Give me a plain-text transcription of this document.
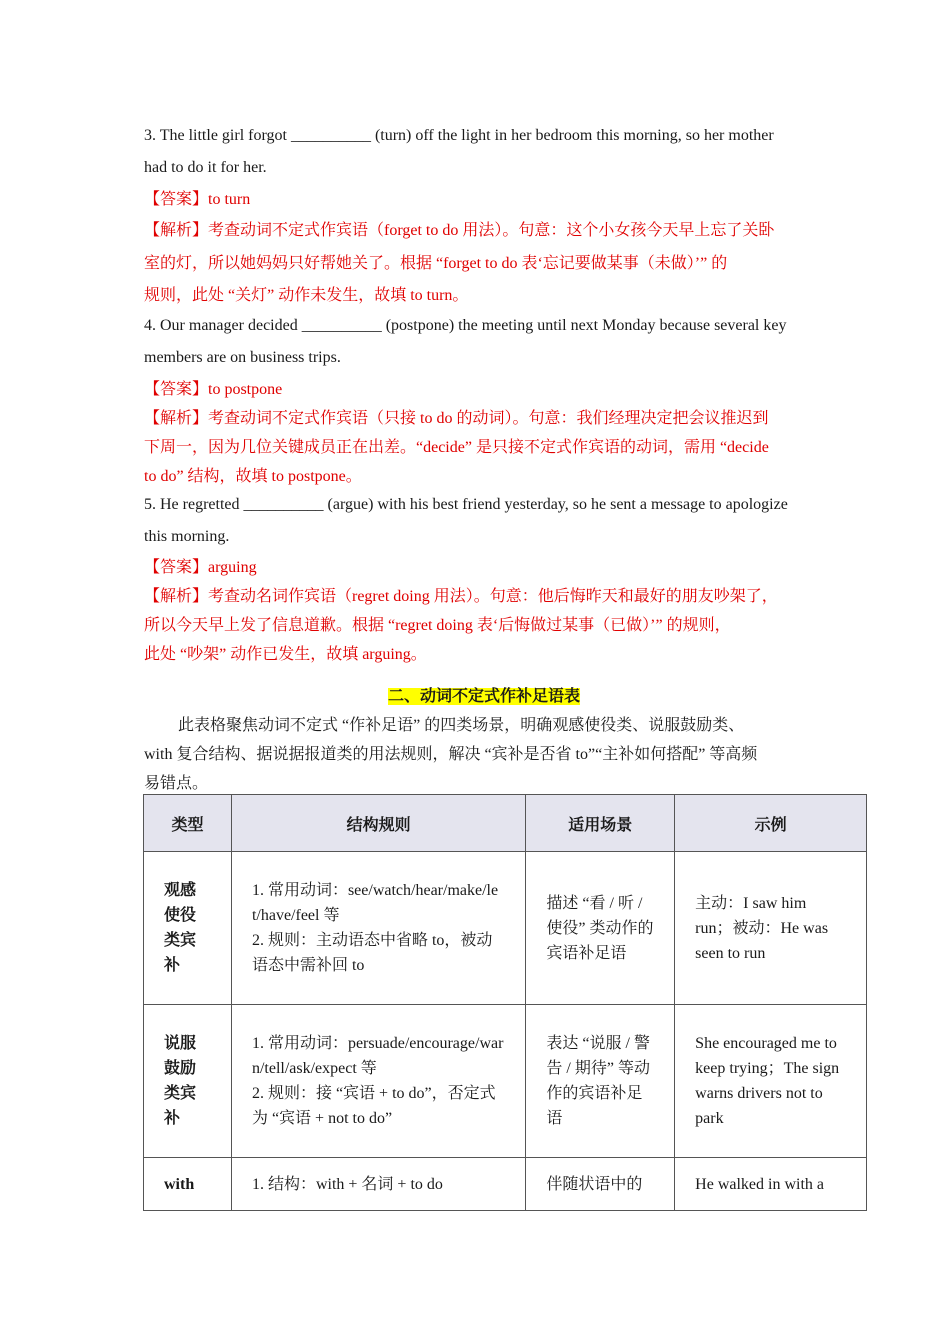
3. The little girl forgot __________ (turn) off the light in her bedroom this morning, so her mother

had to do it for her.

【答案】to turn

【解析】考查动词不定式作宾语（forget to do 用法）。句意：这个小女孩今天早上忘了关卧

室的灯，所以她妈妈只好帮她关了。根据 “forget to do 表‘忘记要做某事（未做）’” 的

规则，此处 “关灯” 动作未发生，故填 to turn。

4. Our manager decided __________ (postpone) the meeting until next Monday because several key

members are on business trips.

【答案】to postpone

【解析】考查动词不定式作宾语（只接 to do 的动词）。句意：我们经理决定把会议推迟到

下周一，因为几位关键成员正在出差。“decide” 是只接不定式作宾语的动词，需用 “decide

to do” 结构，故填 to postpone。

5. He regretted __________ (argue) with his best friend yesterday, so he sent a message to apologize

this morning.

【答案】arguing

【解析】考查动名词作宾语（regret doing 用法）。句意：他后悔昨天和最好的朋友吵架了，

所以今天早上发了信息道歉。根据 “regret doing 表‘后悔做过某事（已做）’” 的规则，

此处 “吵架” 动作已发生，故填 arguing。

二、动词不定式作补足语表

此表格聚焦动词不定式 “作补足语” 的四类场景，明确观感使役类、说服鼓励类、

with 复合结构、据说据报道类的用法规则，解决 “宾补是否省 to”“主补如何搭配” 等高频

易错点。

类型	结构规则	适用场景	示例
观感使役类宾补	1. 常用动词：see/watch/hear/make/let/have/feel 等
2. 规则：主动语态中省略 to，被动语态中需补回 to	描述 “看 / 听 / 使役” 类动作的宾语补足语	主动：I saw him run；被动：He was seen to run
说服鼓励类宾补	1. 常用动词：persuade/encourage/warn/tell/ask/expect 等
2. 规则：接 “宾语 + to do”，否定式为 “宾语 + not to do”	表达 “说服 / 警告 / 期待” 等动作的宾语补足语	She encouraged me to keep trying；The sign warns drivers not to park
with	1. 结构：with + 名词 + to do	伴随状语中的	He walked in with a
